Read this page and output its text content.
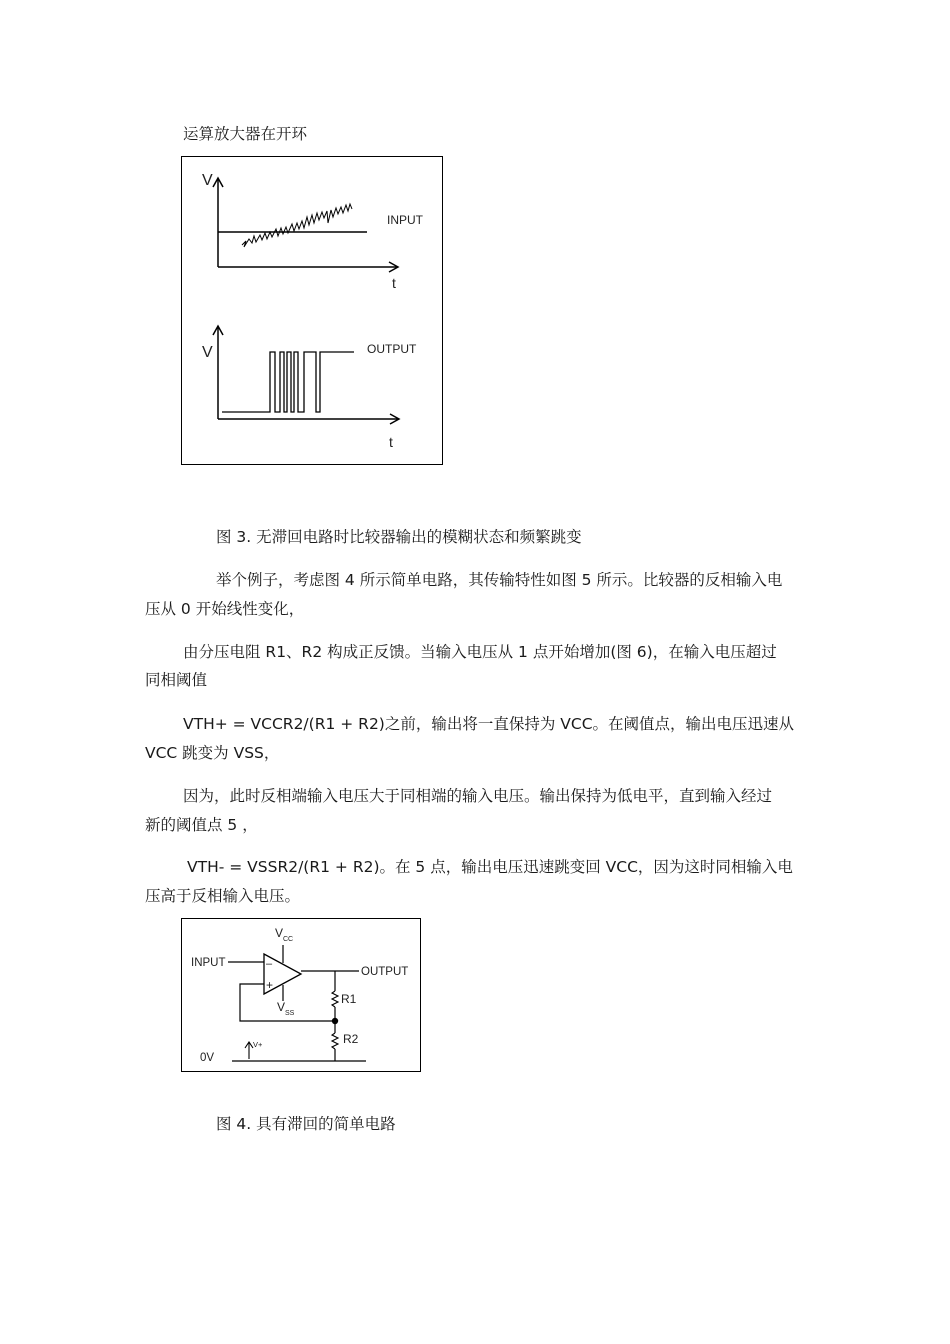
运算放大器在开环
V
t
INPUT
V
t
OUTPUT
图 3. 无滞回电路时比较器输出的模糊状态和频繁跳变
举个例子，考虑图 4 所示简单电路，其传输特性如图 5 所示。比较器的反相输入电
压从 0 开始线性变化，
由分压电阻 R1、R2 构成正反馈。当输入电压从 1 点开始增加(图 6)，在输入电压超过
同相阈值
VTH+ = VCCR2/(R1 + R2)之前，输出将一直保持为 VCC。在阈值点，输出电压迅速从
VCC 跳变为 VSS，
因为，此时反相端输入电压大于同相端的输入电压。输出保持为低电平，直到输入经过
新的阈值点 5 ，
VTH- = VSSR2/(R1 + R2)。在 5 点，输出电压迅速跳变回 VCC，因为这时同相输入电
压高于反相输入电压。
–
+
V CC
V SS
INPUT
OUTPUT
R1
R2
0V
V+
图 4. 具有滞回的简单电路
